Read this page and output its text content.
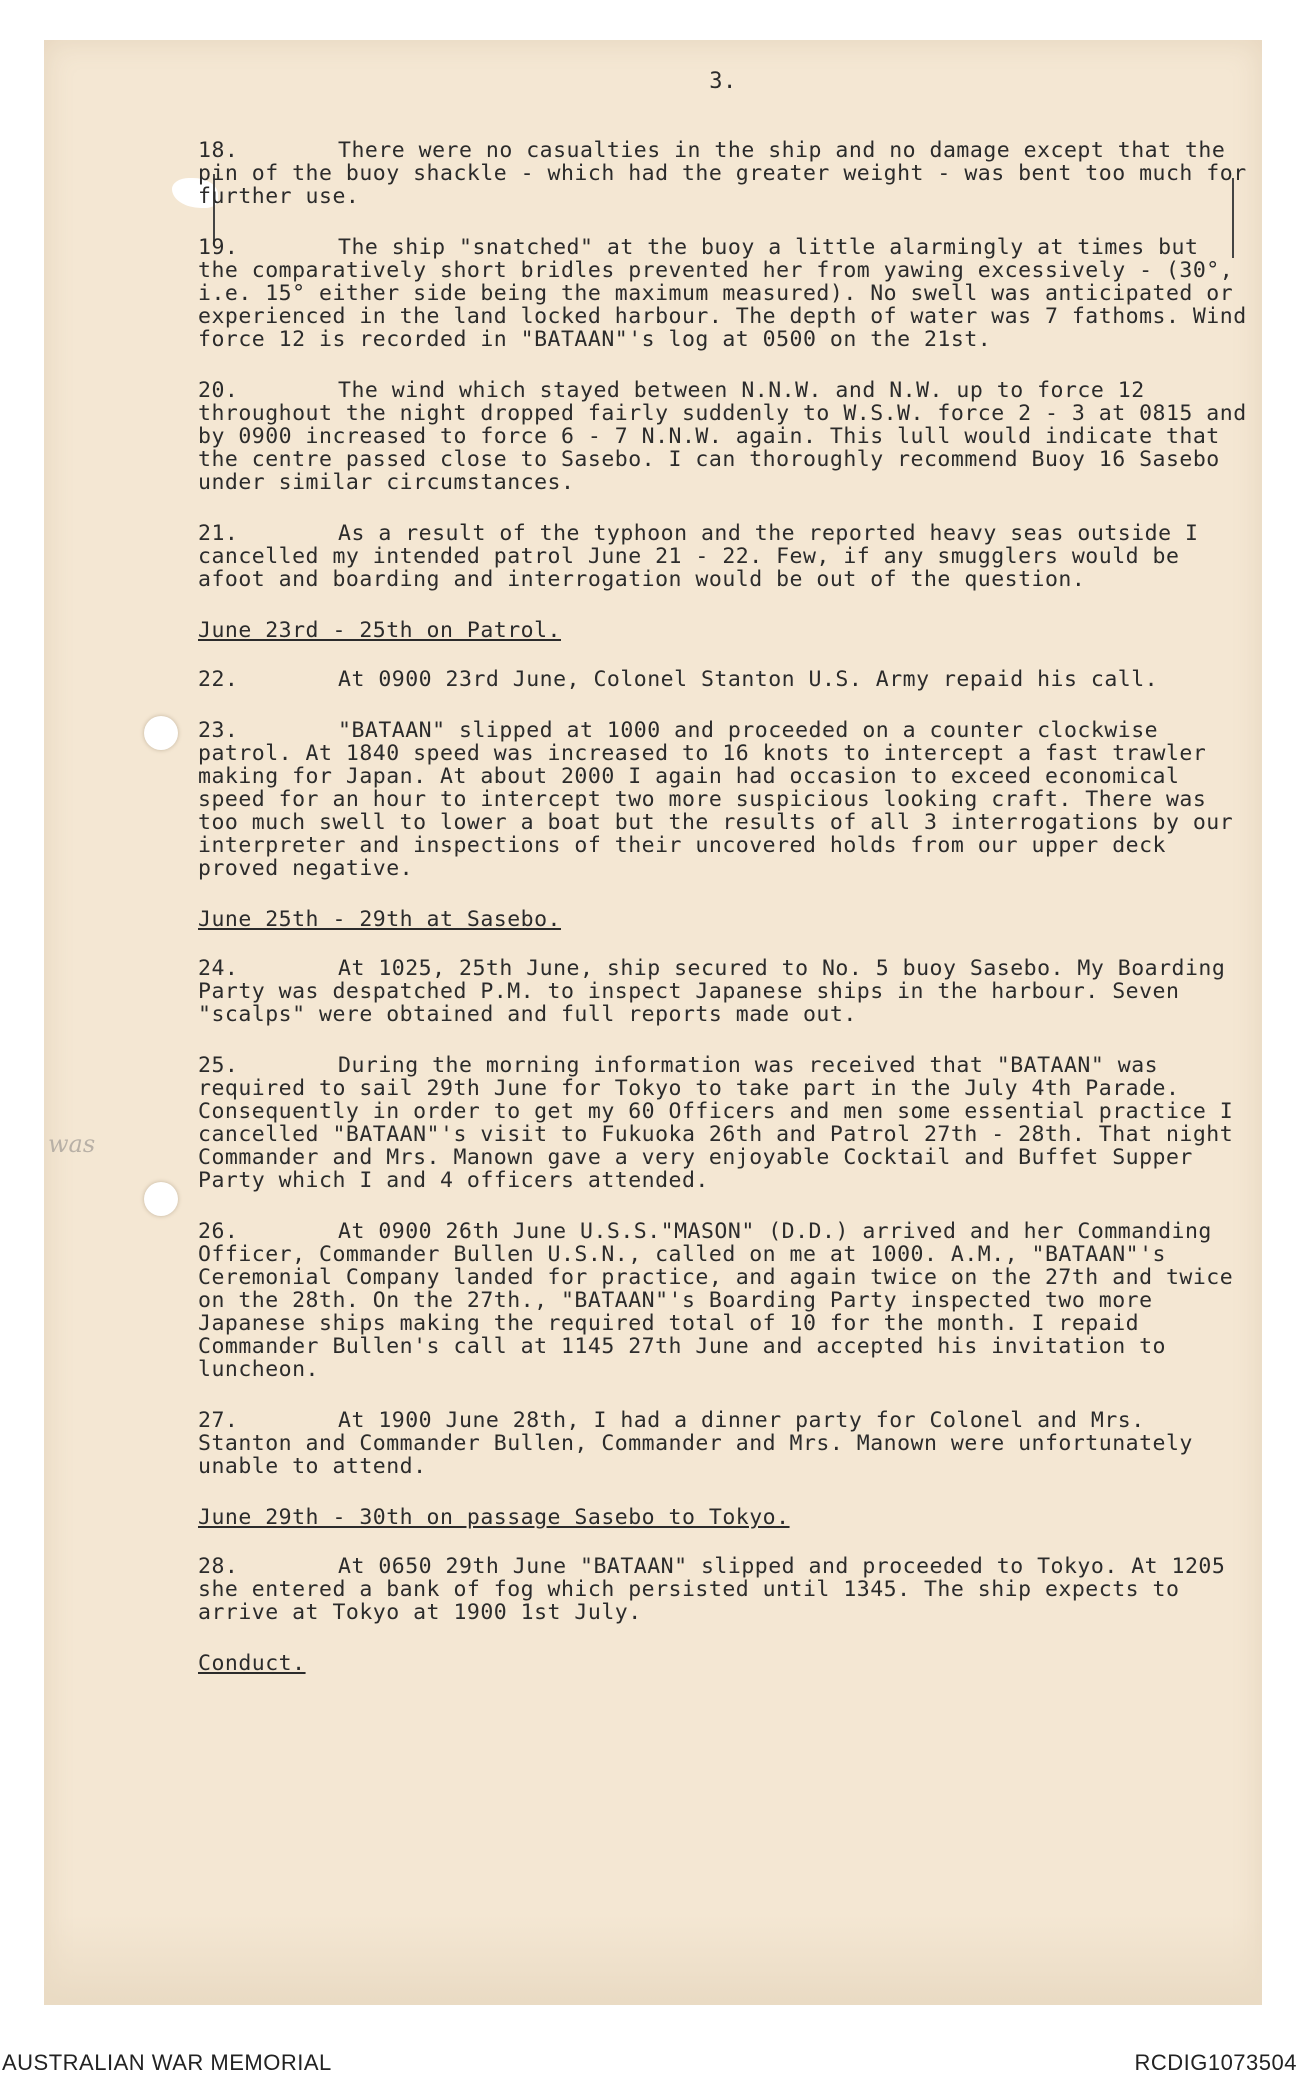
was
3.
18.	There were no casualties in the ship and no damage except that the pin of the buoy shackle - which had the greater weight - was bent too much for further use.
19.	The ship "snatched" at the buoy a little alarmingly at times but the comparatively short bridles prevented her from yawing excessively - (30°, i.e. 15° either side being the maximum measured). No swell was anticipated or experienced in the land locked harbour. The depth of water was 7 fathoms. Wind force 12 is recorded in "BATAAN"'s log at 0500 on the 21st.
20.	The wind which stayed between N.N.W. and N.W. up to force 12 throughout the night dropped fairly suddenly to W.S.W. force 2 - 3 at 0815 and by 0900 increased to force 6 - 7 N.N.W. again. This lull would indicate that the centre passed close to Sasebo. I can thoroughly recommend Buoy 16 Sasebo under similar circumstances.
21.	As a result of the typhoon and the reported heavy seas outside I cancelled my intended patrol June 21 - 22. Few, if any smugglers would be afoot and boarding and interrogation would be out of the question.
June 23rd - 25th on Patrol.
22.	At 0900 23rd June, Colonel Stanton U.S. Army repaid his call.
23.	"BATAAN" slipped at 1000 and proceeded on a counter clockwise patrol. At 1840 speed was increased to 16 knots to intercept a fast trawler making for Japan. At about 2000 I again had occasion to exceed economical speed for an hour to intercept two more suspicious looking craft. There was too much swell to lower a boat but the results of all 3 interrogations by our interpreter and inspections of their uncovered holds from our upper deck proved negative.
June 25th - 29th at Sasebo.
24.	At 1025, 25th June, ship secured to No. 5 buoy Sasebo. My Boarding Party was despatched P.M. to inspect Japanese ships in the harbour. Seven "scalps" were obtained and full reports made out.
25.	During the morning information was received that "BATAAN" was required to sail 29th June for Tokyo to take part in the July 4th Parade. Consequently in order to get my 60 Officers and men some essential practice I cancelled "BATAAN"'s visit to Fukuoka 26th and Patrol 27th - 28th. That night Commander and Mrs. Manown gave a very enjoyable Cocktail and Buffet Supper Party which I and 4 officers attended.
26.	At 0900 26th June U.S.S."MASON" (D.D.) arrived and her Commanding Officer, Commander Bullen U.S.N., called on me at 1000. A.M., "BATAAN"'s Ceremonial Company landed for practice, and again twice on the 27th and twice on the 28th. On the 27th., "BATAAN"'s Boarding Party inspected two more Japanese ships making the required total of 10 for the month. I repaid Commander Bullen's call at 1145 27th June and accepted his invitation to luncheon.
27.	At 1900 June 28th, I had a dinner party for Colonel and Mrs. Stanton and Commander Bullen, Commander and Mrs. Manown were unfortunately unable to attend.
June 29th - 30th on passage Sasebo to Tokyo.
28.	At 0650 29th June "BATAAN" slipped and proceeded to Tokyo. At 1205 she entered a bank of fog which persisted until 1345. The ship expects to arrive at Tokyo at 1900 1st July.
Conduct.
AUSTRALIAN WAR MEMORIAL	RCDIG1073504
